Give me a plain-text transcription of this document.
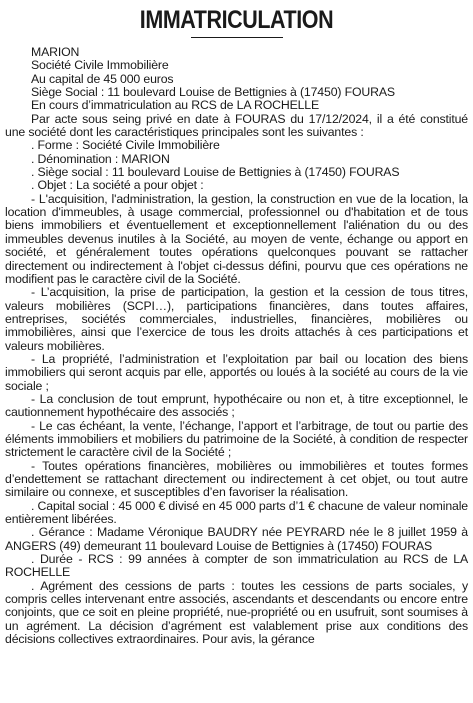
IMMATRICULATION

MARION

Société Civile Immobilière

Au capital de 45 000 euros

Siège Social : 11 boulevard Louise de Bettignies à (17450) FOURAS

En cours d’immatriculation au RCS de LA ROCHELLE

Par acte sous seing privé en date à FOURAS du 17/12/2024, il a été constitué une société dont les caractéristiques principales sont les suivantes :

. Forme : Société Civile Immobilière

. Dénomination : MARION

. Siège social : 11 boulevard Louise de Bettignies à (17450) FOURAS

. Objet : La société a pour objet :

- L'acquisition, l'administration, la gestion, la construction en vue de la location, la location d'immeubles, à usage commercial, professionnel ou d'habitation et de tous biens immobiliers et éventuellement et exceptionnellement l'aliénation du ou des immeubles devenus inutiles à la Société, au moyen de vente, échange ou apport en société, et généralement toutes opérations quelconques pouvant se rattacher directement ou indirectement à l'objet ci-dessus défini, pourvu que ces opérations ne modifient pas le caractère civil de la Société.

- L’acquisition, la prise de participation, la gestion et la cession de tous titres, valeurs mobilières (SCPI…), participations financières, dans toutes affaires, entreprises, sociétés commerciales, industrielles, financières, mobilières ou immobilières, ainsi que l’exercice de tous les droits attachés à ces participations et valeurs mobilières.

- La propriété, l’administration et l’exploitation par bail ou location des biens immobiliers qui seront acquis par elle, apportés ou loués à la société au cours de la vie sociale ;

- La conclusion de tout emprunt, hypothécaire ou non et, à titre exceptionnel, le cautionnement hypothécaire des associés ;

- Le cas échéant, la vente, l’échange, l’apport et l’arbitrage, de tout ou partie des éléments immobiliers et mobiliers du patrimoine de la Société, à condition de respecter strictement le caractère civil de la Société ;

- Toutes opérations financières, mobilières ou immobilières et toutes formes d’endettement se rattachant directement ou indirectement à cet objet, ou tout autre similaire ou connexe, et susceptibles d’en favoriser la réalisation.

. Capital social : 45 000 € divisé en 45 000 parts d’1 € chacune de valeur nominale entièrement libérées.

. Gérance : Madame Véronique BAUDRY née PEYRARD née le 8 juillet 1959 à ANGERS (49) demeurant 11 boulevard Louise de Bettignies à (17450) FOURAS

. Durée - RCS : 99 années à compter de son immatriculation au RCS de LA ROCHELLE

. Agrément des cessions de parts : toutes les cessions de parts sociales, y compris celles intervenant entre associés, ascendants et descendants ou encore entre conjoints, que ce soit en pleine propriété, nue-propriété ou en usufruit, sont soumises à un agrément. La décision d’agrément est valablement prise aux conditions des décisions collectives extraordinaires. Pour avis, la gérance
